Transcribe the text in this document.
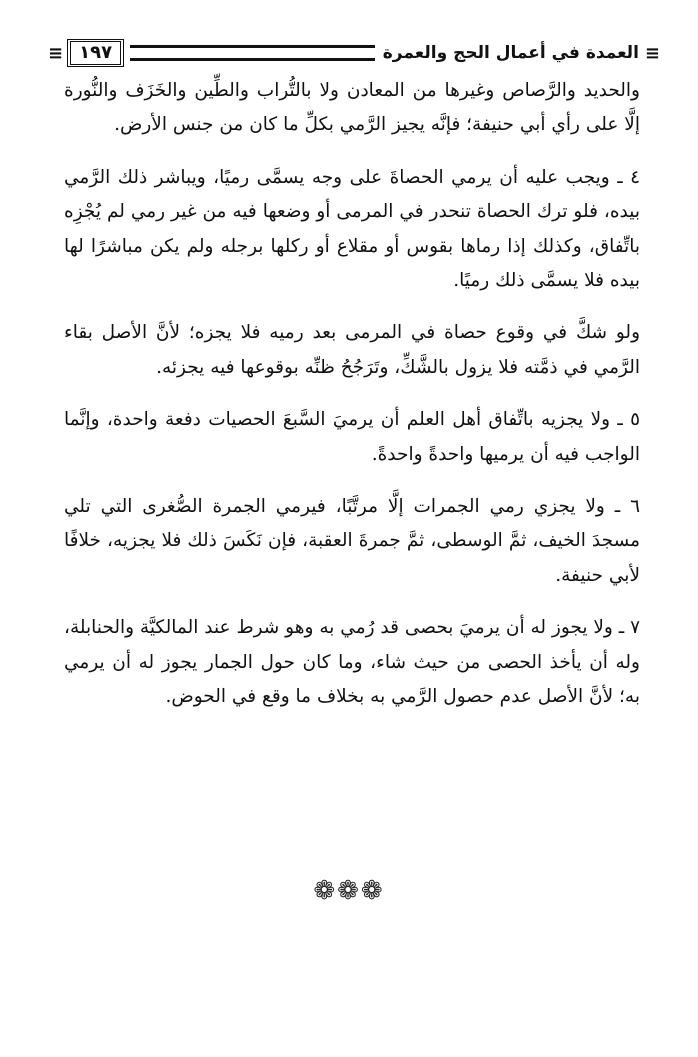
≡
العمدة في أعمال الحج والعمرة
١٩٧
≡

والحديد والرَّصاص وغيرها من المعادن ولا بالتُّراب والطِّين والخَزَف والنُّورة إلَّا على رأي أبي حنيفة؛ فإنَّه يجيز الرَّمي بكلِّ ما كان من جنس الأرض.

٤ ـ ويجب عليه أن يرمي الحصاةَ على وجه يسمَّى رميًا، ويباشر ذلك الرَّمي بيده، فلو ترك الحصاة تنحدر في المرمى أو وضعها فيه من غير رمي لم يُجْزِه باتِّفاق، وكذلك إذا رماها بقوس أو مقلاع أو ركلها برجله ولم يكن مباشرًا لها بيده فلا يسمَّى ذلك رميًا.

ولو شكَّ في وقوع حصاة في المرمى بعد رميه فلا يجزه؛ لأنَّ الأصل بقاء الرَّمي في ذمَّته فلا يزول بالشَّكِّ، وتَرَجُحُ ظنِّه بوقوعها فيه يجزئه.

٥ ـ ولا يجزيه باتِّفاق أهل العلم أن يرميَ السَّبعَ الحصيات دفعة واحدة، وإنَّما الواجب فيه أن يرميها واحدةً واحدةً.

٦ ـ ولا يجزي رمي الجمرات إلَّا مرتَّبًا، فيرمي الجمرة الصُّغرى التي تلي مسجدَ الخيف، ثمَّ الوسطى، ثمَّ جمرةَ العقبة، فإن نَكَسَ ذلك فلا يجزيه، خلافًا لأبي حنيفة.

٧ ـ ولا يجوز له أن يرميَ بحصى قد رُمي به وهو شرط عند المالكيَّة والحنابلة، وله أن يأخذ الحصى من حيث شاء، وما كان حول الجمار يجوز له أن يرمي به؛ لأنَّ الأصل عدم حصول الرَّمي به بخلاف ما وقع في الحوض.

❁❁❁
